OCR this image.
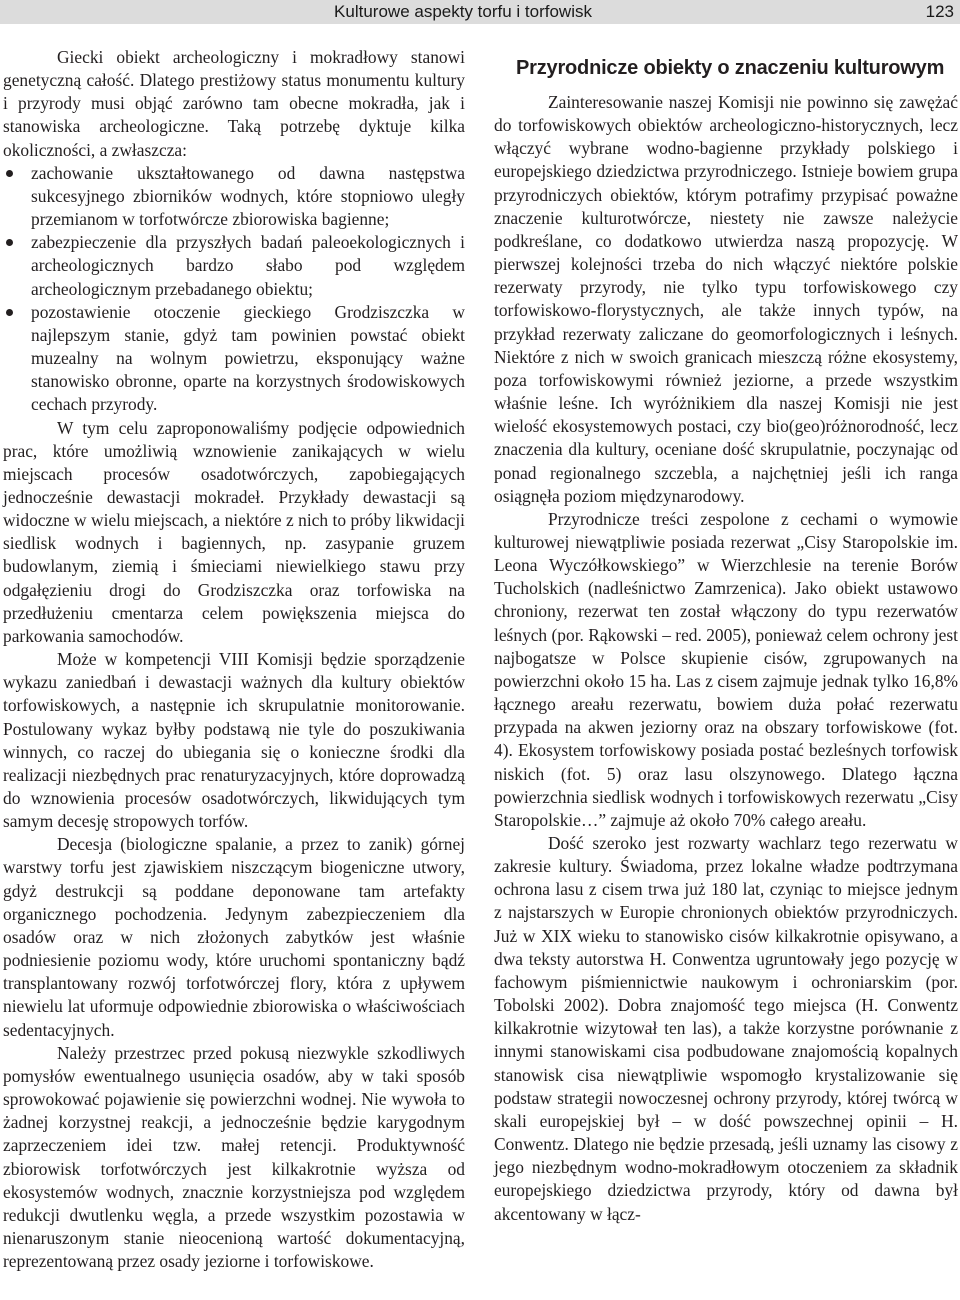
Kulturowe aspekty torfu i torfowisk	123

Giecki obiekt archeologiczny i mokradłowy stanowi genetyczną całość. Dlatego prestiżowy status monumentu kultury i przyrody musi objąć zarówno tam obecne mokradła, jak i stanowiska archeologiczne. Taką potrzebę dyktuje kilka okoliczności, a zwłaszcza:

zachowanie ukształtowanego od dawna następstwa sukcesyjnego zbiorników wodnych, które stopniowo uległy przemianom w torfotwórcze zbiorowiska bagienne;
zabezpieczenie dla przyszłych badań paleoekologicznych i archeologicznych bardzo słabo pod względem archeologicznym przebadanego obiektu;
pozostawienie otoczenie gieckiego Grodziszczka w najlepszym stanie, gdyż tam powinien powstać obiekt muzealny na wolnym powietrzu, eksponujący ważne stanowisko obronne, oparte na korzystnych środowiskowych cechach przyrody.

W tym celu zaproponowaliśmy podjęcie odpowiednich prac, które umożliwią wznowienie zanikających w wielu miejscach procesów osadotwórczych, zapobiegających jednocześnie dewastacji mokradeł. Przykłady dewastacji są widoczne w wielu miejscach, a niektóre z nich to próby likwidacji siedlisk wodnych i bagiennych, np. zasypanie gruzem budowlanym, ziemią i śmieciami niewielkiego stawu przy odgałęzieniu drogi do Grodziszczka oraz torfowiska na przedłużeniu cmentarza celem powiększenia miejsca do parkowania samochodów.

Może w kompetencji VIII Komisji będzie sporządzenie wykazu zaniedbań i dewastacji ważnych dla kultury obiektów torfowiskowych, a następnie ich skrupulatnie monitorowanie. Postulowany wykaz byłby podstawą nie tyle do poszukiwania winnych, co raczej do ubiegania się o konieczne środki dla realizacji niezbędnych prac renaturyzacyjnych, które doprowadzą do wznowienia procesów osadotwórczych, likwidujących tym samym decesję stropowych torfów.

Decesja (biologiczne spalanie, a przez to zanik) górnej warstwy torfu jest zjawiskiem niszczącym biogeniczne utwory, gdyż destrukcji są poddane deponowane tam artefakty organicznego pochodzenia. Jedynym zabezpieczeniem dla osadów oraz w nich złożonych zabytków jest właśnie podniesienie poziomu wody, które uruchomi spontaniczny bądź transplantowany rozwój torfotwórczej flory, która z upływem niewielu lat uformuje odpowiednie zbiorowiska o właściwościach sedentacyjnych.

Należy przestrzec przed pokusą niezwykle szkodliwych pomysłów ewentualnego usunięcia osadów, aby w taki sposób sprowokować pojawienie się powierzchni wodnej. Nie wywoła to żadnej korzystnej reakcji, a jednocześnie będzie karygodnym zaprzeczeniem idei tzw. małej retencji. Produktywność zbiorowisk torfotwórczych jest kilkakrotnie wyższa od ekosystemów wodnych, znacznie korzystniejsza pod względem redukcji dwutlenku węgla, a przede wszystkim pozostawia w nienaruszonym stanie nieocenioną wartość dokumentacyjną, reprezentowaną przez osady jeziorne i torfowiskowe.

Przyrodnicze obiekty o znaczeniu kulturowym

Zainteresowanie naszej Komisji nie powinno się zawężać do torfowiskowych obiektów archeologiczno-historycznych, lecz włączyć wybrane wodno-bagienne przykłady polskiego i europejskiego dziedzictwa przyrodniczego. Istnieje bowiem grupa przyrodniczych obiektów, którym potrafimy przypisać poważne znaczenie kulturotwórcze, niestety nie zawsze należycie podkreślane, co dodatkowo utwierdza naszą propozycję. W pierwszej kolejności trzeba do nich włączyć niektóre polskie rezerwaty przyrody, nie tylko typu torfowiskowego czy torfowiskowo-florystycznych, ale także innych typów, na przykład rezerwaty zaliczane do geomorfologicznych i leśnych. Niektóre z nich w swoich granicach mieszczą różne ekosystemy, poza torfowiskowymi również jeziorne, a przede wszystkim właśnie leśne. Ich wyróżnikiem dla naszej Komisji nie jest wielość ekosystemowych postaci, czy bio(geo)różnorodność, lecz znaczenia dla kultury, oceniane dość skrupulatnie, poczynając od ponad regionalnego szczebla, a najchętniej jeśli ich ranga osiągnęła poziom międzynarodowy.

Przyrodnicze treści zespolone z cechami o wymowie kulturowej niewątpliwie posiada rezerwat „Cisy Staropolskie im. Leona Wyczółkowskiego” w Wierzchlesie na terenie Borów Tucholskich (nadleśnictwo Zamrzenica). Jako obiekt ustawowo chroniony, rezerwat ten został włączony do typu rezerwatów leśnych (por. Rąkowski – red. 2005), ponieważ celem ochrony jest najbogatsze w Polsce skupienie cisów, zgrupowanych na powierzchni około 15 ha. Las z cisem zajmuje jednak tylko 16,8% łącznego areału rezerwatu, bowiem duża połać rezerwatu przypada na akwen jeziorny oraz na obszary torfowiskowe (fot. 4). Ekosystem torfowiskowy posiada postać bezleśnych torfowisk niskich (fot. 5) oraz lasu olszynowego. Dlatego łączna powierzchnia siedlisk wodnych i torfowiskowych rezerwatu „Cisy Staropolskie…” zajmuje aż około 70% całego areału.

Dość szeroko jest rozwarty wachlarz tego rezerwatu w zakresie kultury. Świadoma, przez lokalne władze podtrzymana ochrona lasu z cisem trwa już 180 lat, czyniąc to miejsce jednym z najstarszych w Europie chronionych obiektów przyrodniczych. Już w XIX wieku to stanowisko cisów kilkakrotnie opisywano, a dwa teksty autorstwa H. Conwentza ugruntowały jego pozycję w fachowym piśmiennictwie naukowym i ochroniarskim (por. Tobolski 2002). Dobra znajomość tego miejsca (H. Conwentz kilkakrotnie wizytował ten las), a także korzystne porównanie z innymi stanowiskami cisa podbudowane znajomością kopalnych stanowisk cisa niewątpliwie wspomogło krystalizowanie się podstaw strategii nowoczesnej ochrony przyrody, której twórcą w skali europejskiej był – w dość powszechnej opinii – H. Conwentz. Dlatego nie będzie przesadą, jeśli uznamy las cisowy z jego niezbędnym wodno-mokradłowym otoczeniem za składnik europejskiego dziedzictwa przyrody, który od dawna był akcentowany w łącz-
